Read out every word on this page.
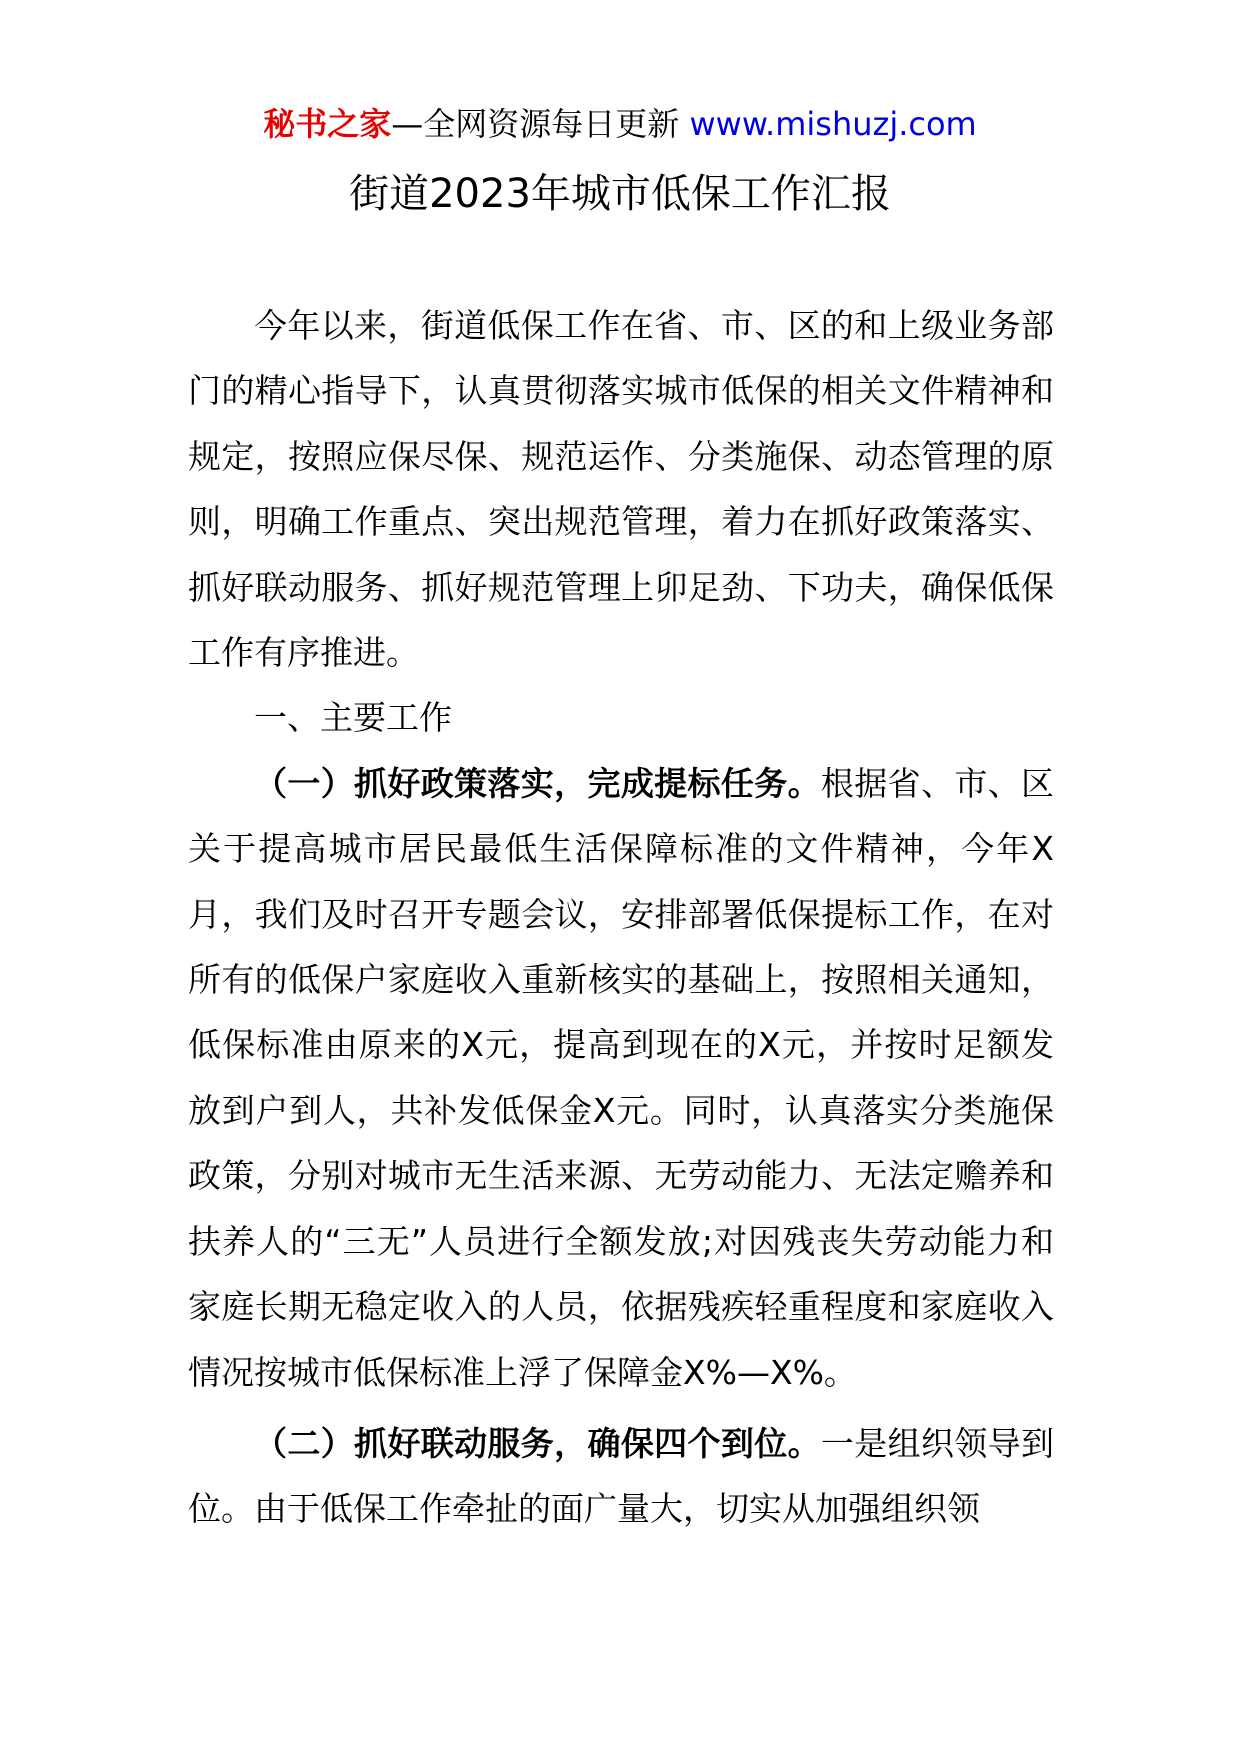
秘书之家—全网资源每日更新 www.mishuzj.com
街道2023年城市低保工作汇报

今年以来，街道低保工作在省、市、区的和上级业务部门的精心指导下，认真贯彻落实城市低保的相关文件精神和规定，按照应保尽保、规范运作、分类施保、动态管理的原则，明确工作重点、突出规范管理，着力在抓好政策落实、抓好联动服务、抓好规范管理上卯足劲、下功夫，确保低保工作有序推进。

一、主要工作

（一）抓好政策落实，完成提标任务。根据省、市、区关于提高城市居民最低生活保障标准的文件精神，今年X月，我们及时召开专题会议，安排部署低保提标工作，在对所有的低保户家庭收入重新核实的基础上，按照相关通知，低保标准由原来的X元，提高到现在的X元，并按时足额发放到户到人，共补发低保金X元。同时，认真落实分类施保政策，分别对城市无生活来源、无劳动能力、无法定赡养和扶养人的“三无”人员进行全额发放;对因残丧失劳动能力和家庭长期无稳定收入的人员，依据残疾轻重程度和家庭收入情况按城市低保标准上浮了保障金X%—X%。

（二）抓好联动服务，确保四个到位。一是组织领导到位。由于低保工作牵扯的面广量大，切实从加强组织领
